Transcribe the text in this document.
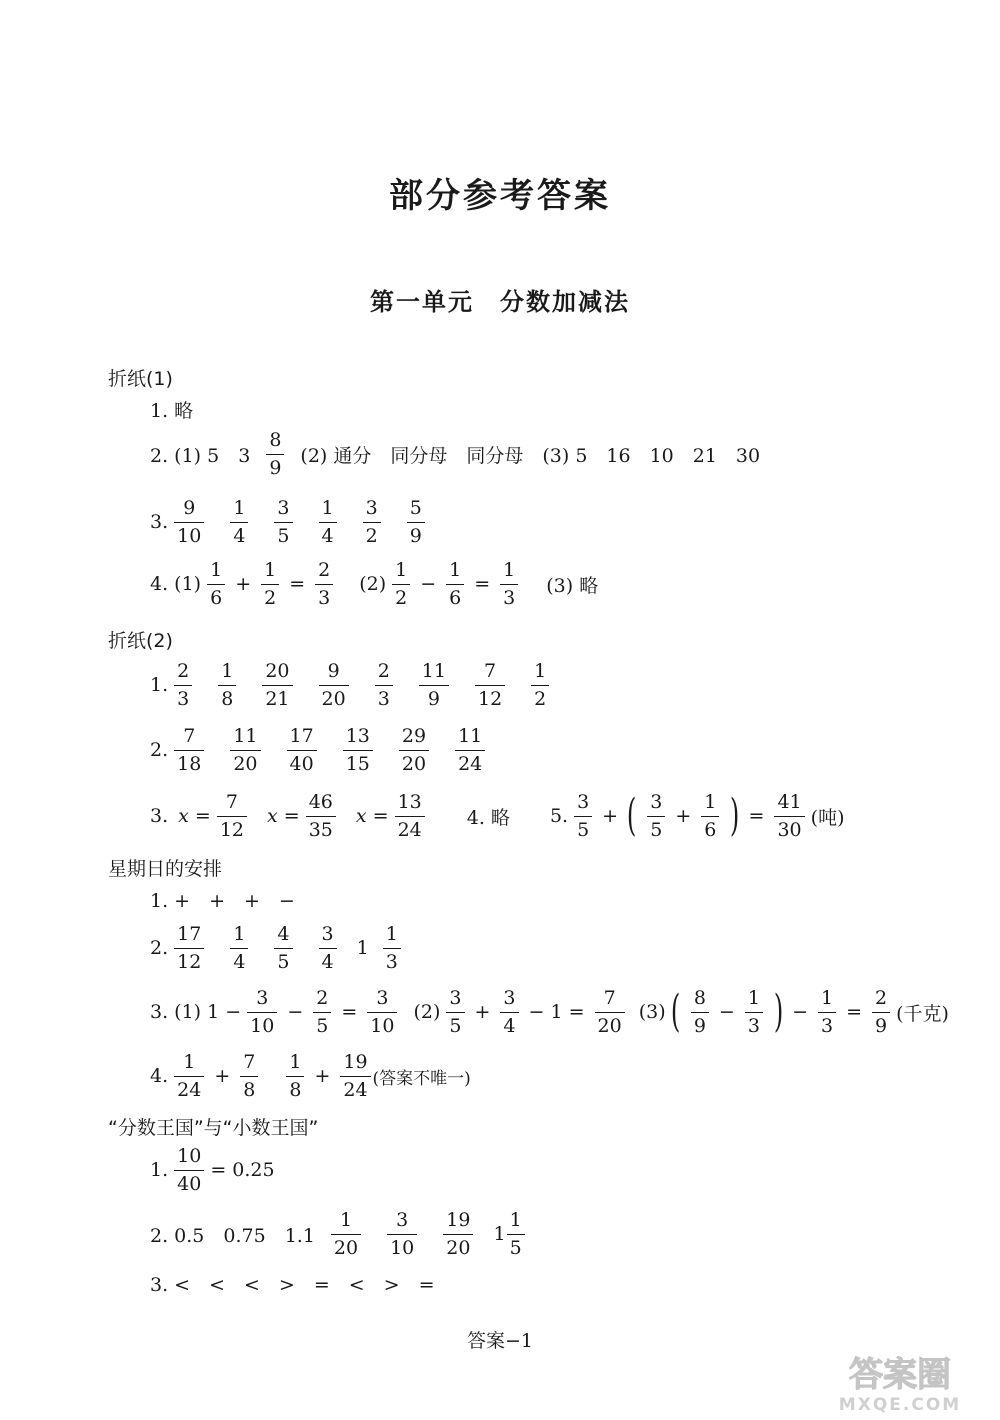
部分参考答案
第一单元　分数加减法
折纸(1)
1. 略
2. (1) 5　$3 \frac{8}{9} (2)$ 通分　同分母　同分母　(3) 5　16　10　21　30
3. $\frac{9}{10} \frac{1}{4} \frac{3}{5} \frac{1}{4} \frac{3}{2} \frac{5}{9}$
4. $(1) \frac{1}{6} + \frac{1}{2} = \frac{2}{3} (2) \frac{1}{2} - \frac{1}{6} = \frac{1}{3} (3)$ 略
折纸(2)
1. $\frac{2}{3} \frac{1}{8} \frac{20}{21} \frac{9}{20} \frac{2}{3} \frac{11}{9} \frac{7}{12} \frac{1}{2}$
2. $\frac{7}{18} \frac{11}{20} \frac{17}{40} \frac{13}{15} \frac{29}{20} \frac{11}{24}$
3. $x = \frac{7}{12}$ $x = \frac{46}{35}$ $x = \frac{13}{24} 4$. 略 5. $\frac{3}{5}$ + ( $\frac{3}{5} + \frac{1}{6}$ ) = $\frac{41}{30}$ (吨)
星期日的安排
1. +　+　+　−
2. $\frac{17}{12} \frac{1}{4} \frac{4}{5} \frac{3}{4} 1 \frac{1}{3}$
3. (1) $1 - \frac{3}{10} - \frac{2}{5} = \frac{3}{10} (2) \frac{3}{5} + \frac{3}{4} - 1 = \frac{7}{20} (3)$ ( $\frac{8}{9} - \frac{1}{3}$ ) − $\frac{1}{3} = \frac{2}{9}$ (千克)
4. $\frac{1}{24} + \frac{7}{8} \frac{1}{8} + \frac{19}{24}$ (答案不唯一)
“分数王国”与“小数王国”
1. $\frac{10}{40} = 0.25$
2. 0.5　0.75　$1.1 \frac{1}{20} \frac{3}{10} \frac{19}{20} 1 \frac{1}{5}$
3. <　<　<　>　=　<　>　=
答案−1
答案圈
MXQE.COM
